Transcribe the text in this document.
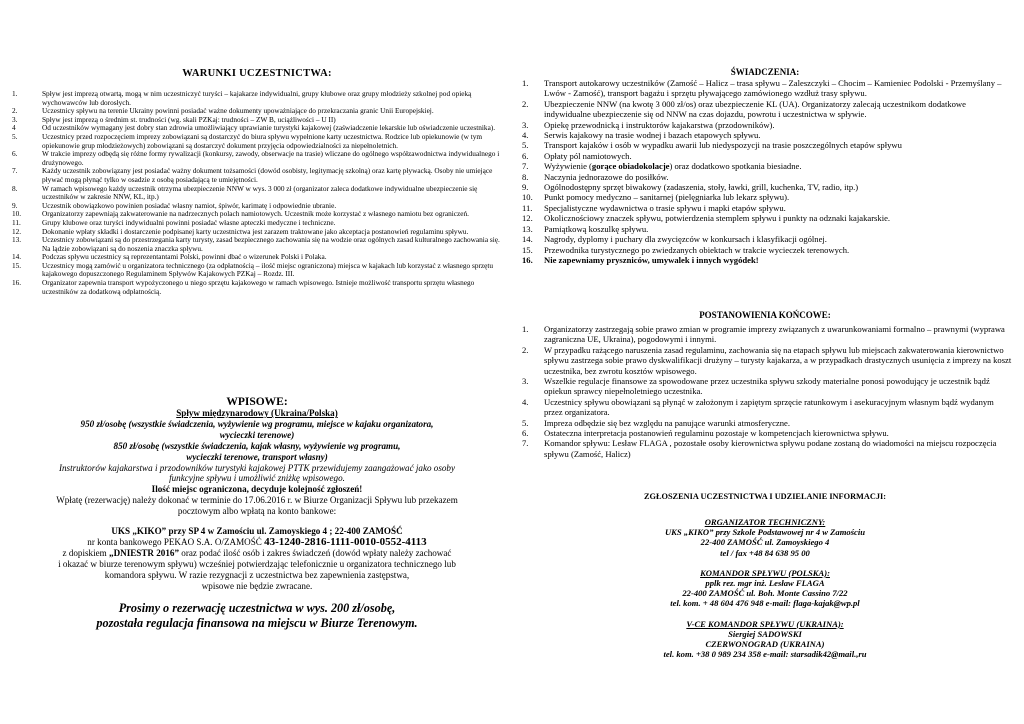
WARUNKI UCZESTNICTWA:
1.	Spływ jest imprezą otwartą, mogą w nim uczestniczyć turyści – kajakarze indywidualni, grupy klubowe oraz grupy młodzieży szkolnej pod opieką wychowawców lub dorosłych.
2.	Uczestnicy spływu na terenie Ukrainy powinni posiadać ważne dokumenty upoważniające do przekraczania granic Unii Europejskiej.
3.	Spływ jest imprezą o średnim st. trudności (wg. skali PZKaj: trudności – ZW B, uciążliwości – U II)
4	Od uczestników wymagany jest dobry stan zdrowia umożliwiający uprawianie turystyki kajakowej (zaświadczenie lekarskie lub oświadczenie uczestnika).
5.	Uczestnicy przed rozpoczęciem imprezy zobowiązani są dostarczyć do biura spływu wypełnione karty uczestnictwa. Rodzice lub opiekunowie (w tym opiekunowie grup młodzieżowych) zobowiązani są dostarczyć dokument przyjęcia odpowiedzialności za niepełnoletnich.
6.	W trakcie imprezy odbędą się różne formy rywalizacji (konkursy, zawody, obserwacje na trasie) wliczane do ogólnego współzawodnictwa indywidualnego i drużynowego.
7.	Każdy uczestnik zobowiązany jest posiadać ważny dokument tożsamości (dowód osobisty, legitymację szkolną) oraz kartę pływacką. Osoby nie umiejące pływać mogą płynąć tylko w osadzie z osobą posiadającą te umiejętności.
8.	W ramach wpisowego każdy uczestnik otrzyma ubezpieczenie NNW w wys. 3 000 zł (organizator zaleca dodatkowe indywidualne ubezpieczenie się uczestników w zakresie NNW, KL, itp.)
9.	Uczestnik obowiązkowo powinien posiadać własny namiot, śpiwór, karimatę i odpowiednie ubranie.
10.	Organizatorzy zapewniają zakwaterowanie na nadrzecznych polach namiotowych. Uczestnik może korzystać z własnego namiotu bez ograniczeń.
11.	Grupy klubowe oraz turyści indywidualni powinni posiadać własne apteczki medyczne i techniczne.
12.	Dokonanie wpłaty składki i dostarczenie podpisanej karty uczestnictwa jest zarazem traktowane jako akceptacja postanowień regulaminu spływu.
13.	Uczestnicy zobowiązani są do przestrzegania karty turysty, zasad bezpiecznego zachowania się na wodzie oraz ogólnych zasad kulturalnego zachowania się. Na lądzie zobowiązani są do noszenia znaczka spływu.
14.	Podczas spływu uczestnicy są reprezentantami Polski, powinni dbać o wizerunek Polski i Polaka.
15.	Uczestnicy mogą zamówić u organizatora technicznego (za odpłatnością – ilość miejsc ograniczona) miejsca w kajakach lub korzystać z własnego sprzętu kajakowego dopuszczonego Regulaminem Spływów Kajakowych PZKaj – Rozdz. III.
16.	Organizator zapewnia transport wypożyczonego u niego sprzętu kajakowego w ramach wpisowego. Istnieje możliwość transportu sprzętu własnego uczestników za dodatkową odpłatnością.
WPISOWE:
Spływ międzynarodowy (Ukraina/Polska)
950 zł/osobę (wszystkie świadczenia, wyżywienie wg programu, miejsce w kajaku organizatora,
wycieczki terenowe)
850 zł/osobę (wszystkie świadczenia, kajak własny, wyżywienie wg programu,
wycieczki terenowe, transport własny)
Instruktorów kajakarstwa i przodowników turystyki kajakowej PTTK przewidujemy zaangażować jako osoby
funkcyjne spływu i umożliwić zniżkę wpisowego.
Ilość miejsc ograniczona, decyduje kolejność zgłoszeń!
Wpłatę (rezerwację) należy dokonać w terminie do 17.06.2016 r. w Biurze Organizacji Spływu lub przekazem
pocztowym albo wpłatą na konto bankowe:
UKS „KIKO” przy SP 4 w Zamościu ul. Zamoyskiego 4 ; 22-400 ZAMOŚĆ
nr konta bankowego PEKAO S.A. O/ZAMOŚĆ 43-1240-2816-1111-0010-0552-4113
z dopiskiem „DNIESTR 2016” oraz podać ilość osób i zakres świadczeń (dowód wpłaty należy zachować
i okazać w biurze terenowym spływu) wcześniej potwierdzając telefonicznie u organizatora technicznego lub
komandora spływu. W razie rezygnacji z uczestnictwa bez zapewnienia zastępstwa,
wpisowe nie będzie zwracane.
Prosimy o rezerwację uczestnictwa w wys. 200 zł/osobę,
pozostała regulacja finansowa na miejscu w Biurze Terenowym.
ŚWIADCZENIA:
1.	Transport autokarowy uczestników (Zamość – Halicz – trasa spływu – Zaleszczyki – Chocim – Kamieniec Podolski - Przemyślany – Lwów - Zamość), transport bagażu i sprzętu pływającego zamówionego wzdłuż trasy spływu.
2.	Ubezpieczenie NNW (na kwotę 3 000 zł/os) oraz ubezpieczenie KL (UA). Organizatorzy zalecają uczestnikom dodatkowe indywidualne ubezpieczenie się od NNW na czas dojazdu, powrotu i uczestnictwa w spływie.
3.	Opiekę przewodnicką i instruktorów kajakarstwa (przodowników).
4.	Serwis kajakowy na trasie wodnej i bazach etapowych spływu.
5.	Transport kajaków i osób w wypadku awarii lub niedyspozycji na trasie poszczególnych etapów spływu
6.	Opłaty pól namiotowych.
7.	Wyżywienie (gorące obiadokolacje) oraz dodatkowo spotkania biesiadne.
8.	Naczynia jednorazowe do posiłków.
9.	Ogólnodostępny sprzęt biwakowy (zadaszenia, stoły, ławki, grill, kuchenka, TV, radio, itp.)
10.	Punkt pomocy medyczno – sanitarnej (pielęgniarka lub lekarz spływu).
11.	Specjalistyczne wydawnictwa o trasie spływu i mapki etapów spływu.
12.	Okolicznościowy znaczek spływu, potwierdzenia stemplem spływu i punkty na odznaki kajakarskie.
13.	Pamiątkową koszulkę spływu.
14.	Nagrody, dyplomy i puchary dla zwycięzców w konkursach i klasyfikacji ogólnej.
15.	Przewodnika turystycznego po zwiedzanych obiektach w trakcie wycieczek terenowych.
16.	Nie zapewniamy pryszniców, umywalek i innych wygódek!
POSTANOWIENIA KOŃCOWE:
1.	Organizatorzy zastrzegają sobie prawo zmian w programie imprezy związanych z uwarunkowaniami formalno – prawnymi (wyprawa zagraniczna UE, Ukraina), pogodowymi i innymi.
2.	W przypadku rażącego naruszenia zasad regulaminu, zachowania się na etapach spływu lub miejscach zakwaterowania kierownictwo spływu zastrzega sobie prawo dyskwalifikacji drużyny – turysty kajakarza, a w przypadkach drastycznych usunięcia z imprezy na koszt uczestnika, bez zwrotu kosztów wpisowego.
3.	Wszelkie regulacje finansowe za spowodowane przez uczestnika spływu szkody materialne ponosi powodujący je uczestnik bądź opiekun sprawcy niepełnoletniego uczestnika.
4.	Uczestnicy spływu obowiązani są płynąć w założonym i zapiętym sprzęcie ratunkowym i asekuracyjnym własnym bądź wydanym przez organizatora.
5.	Impreza odbędzie się bez względu na panujące warunki atmosferyczne.
6.	Ostateczna interpretacja postanowień regulaminu pozostaje w kompetencjach kierownictwa spływu.
7.	Komandor spływu: Lesław FLAGA , pozostałe osoby kierownictwa spływu podane zostaną do wiadomości na miejscu rozpoczęcia spływu (Zamość, Halicz)
ZGŁOSZENIA UCZESTNICTWA I UDZIELANIE INFORMACJI:
ORGANIZATOR TECHNICZNY:
UKS „KIKO” przy Szkole Podstawowej nr 4 w Zamościu
22-400 ZAMOŚĆ ul. Zamoyskiego 4
tel / fax +48 84 638 95 00
KOMANDOR SPŁYWU (POLSKA):
pplk rez. mgr inż. Lesław FLAGA
22-400 ZAMOŚĆ ul. Boh. Monte Cassino 7/22
tel. kom. + 48 604 476 948 e-mail: flaga-kajak@wp.pl
V-CE KOMANDOR SPŁYWU (UKRAINA):
Siergiej SADOWSKI
CZERWONOGRAD (UKRAINA)
tel. kom. +38 0 989 234 358 e-mail: starsadik42@mail.,ru
